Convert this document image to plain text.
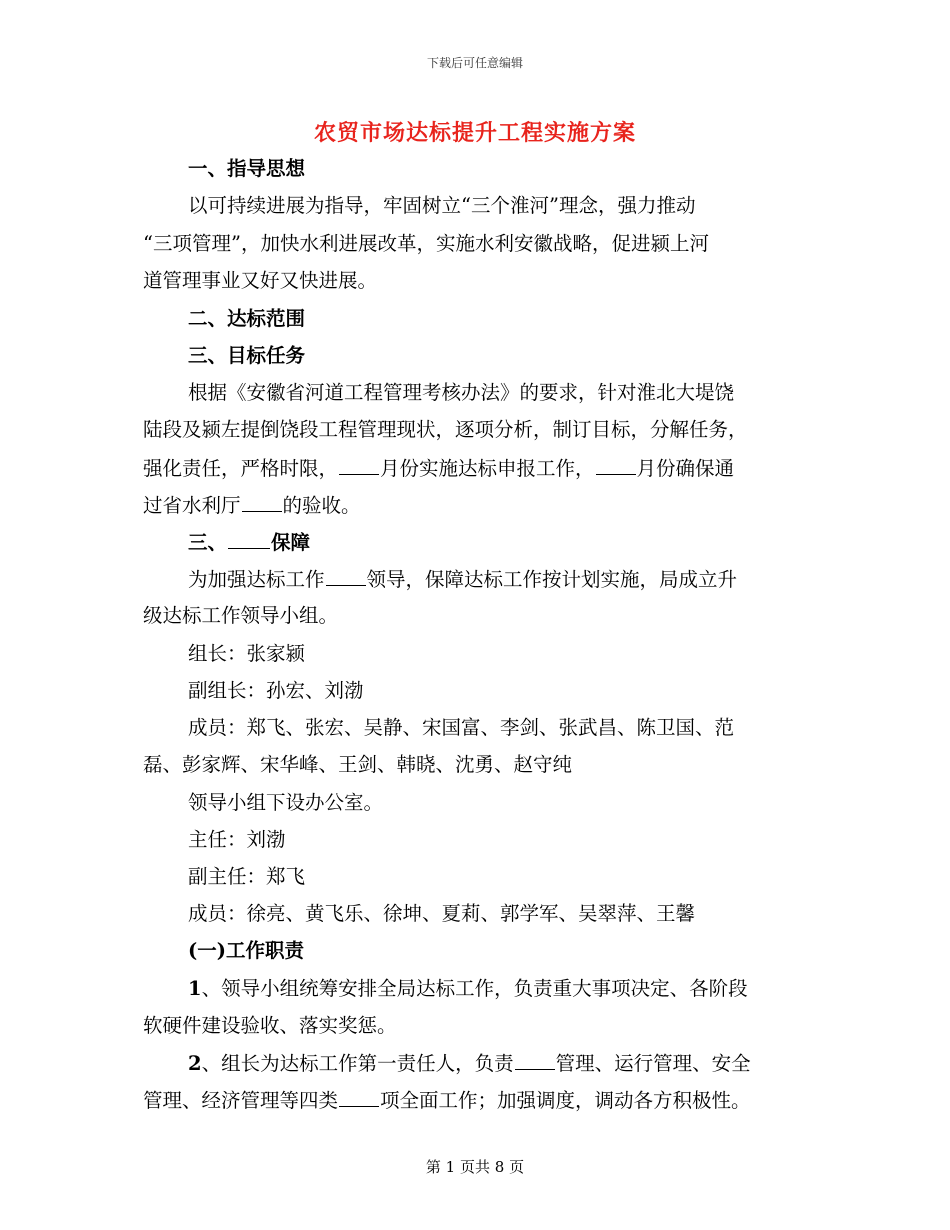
下载后可任意编辑
农贸市场达标提升工程实施方案
一、指导思想
以可持续进展为指导，牢固树立“三个淮河”理念，强力推动
“三项管理”，加快水利进展改革，实施水利安徽战略，促进颍上河
道管理事业又好又快进展。
二、达标范围
三、目标任务
根据《安徽省河道工程管理考核办法》的要求，针对淮北大堤饶
陆段及颍左提倒饶段工程管理现状，逐项分析，制订目标，分解任务，
强化责任，严格时限， 月份实施达标申报工作， 月份确保通
过省水利厅 的验收。
三、 保障
为加强达标工作 领导，保障达标工作按计划实施，局成立升
级达标工作领导小组。
组长：张家颍
副组长：孙宏、刘渤
成员：郑飞、张宏、吴静、宋国富、李剑、张武昌、陈卫国、范
磊、彭家辉、宋华峰、王剑、韩晓、沈勇、赵守纯
领导小组下设办公室。
主任：刘渤
副主任：郑飞
成员：徐亮、黄飞乐、徐坤、夏莉、郭学军、吴翠萍、王馨
(一)工作职责
1、领导小组统筹安排全局达标工作，负责重大事项决定、各阶段
软硬件建设验收、落实奖惩。
2、组长为达标工作第一责任人，负责 管理、运行管理、安全
管理、经济管理等四类 项全面工作；加强调度，调动各方积极性。
第 1 页共 8 页
